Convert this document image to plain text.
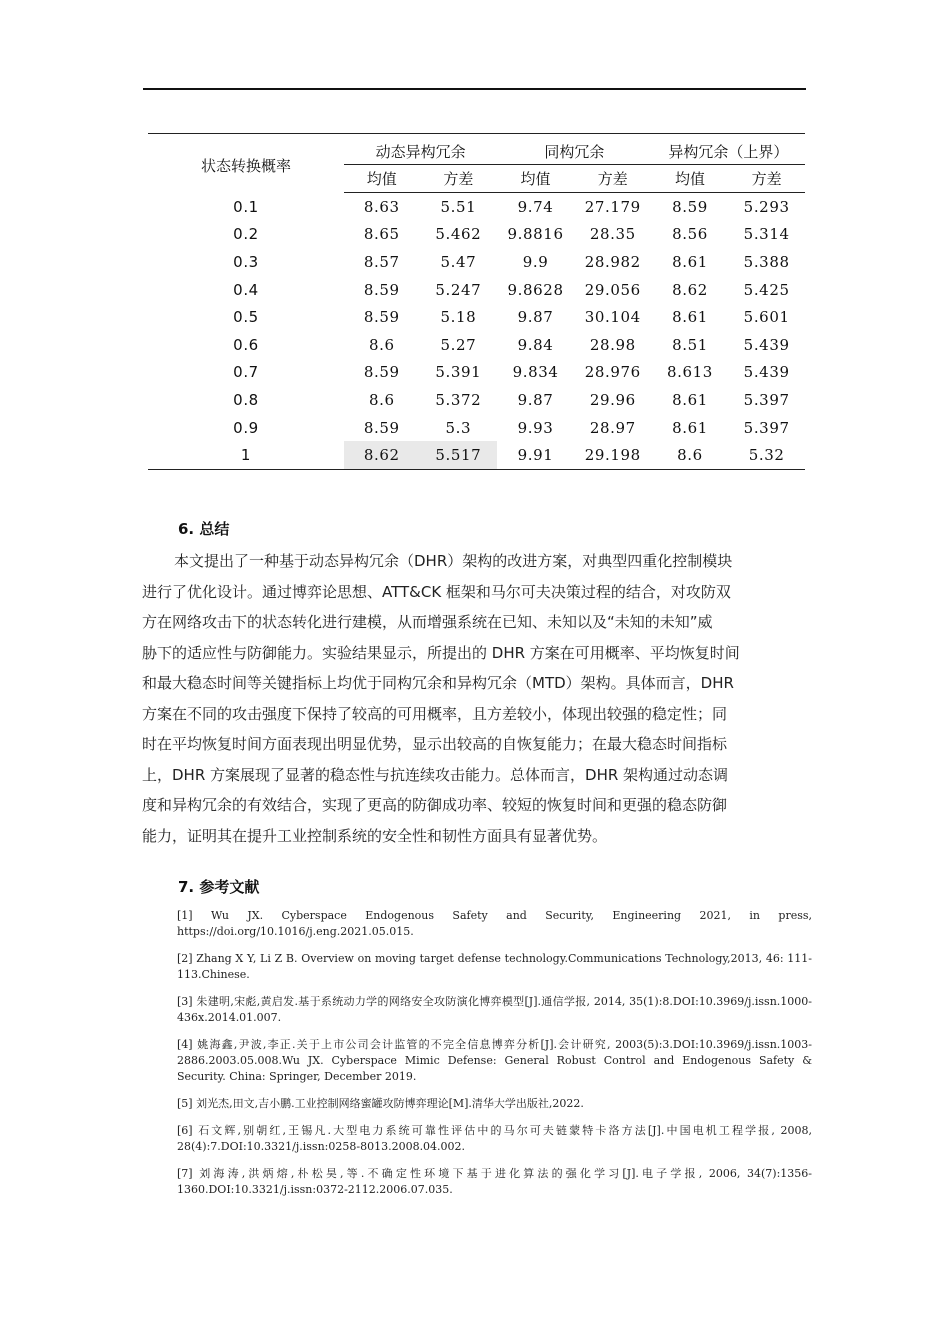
状态转换概率	动态异构冗余		同构冗余		异构冗余（上界）	
	均值	方差	均值	方差	均值	方差
0.1	8.63	5.51	9.74	27.179	8.59	5.293
0.2	8.65	5.462	9.8816	28.35	8.56	5.314
0.3	8.57	5.47	9.9	28.982	8.61	5.388
0.4	8.59	5.247	9.8628	29.056	8.62	5.425
0.5	8.59	5.18	9.87	30.104	8.61	5.601
0.6	8.6	5.27	9.84	28.98	8.51	5.439
0.7	8.59	5.391	9.834	28.976	8.613	5.439
0.8	8.6	5.372	9.87	29.96	8.61	5.397
0.9	8.59	5.3	9.93	28.97	8.61	5.397
1	8.62	5.517	9.91	29.198	8.6	5.32
6. 总结
本文提出了一种基于动态异构冗余（DHR）架构的改进方案，对典型四重化控制模块
进行了优化设计。通过博弈论思想、ATT&CK 框架和马尔可夫决策过程的结合，对攻防双
方在网络攻击下的状态转化进行建模，从而增强系统在已知、未知以及“未知的未知”威
胁下的适应性与防御能力。实验结果显示，所提出的 DHR 方案在可用概率、平均恢复时间
和最大稳态时间等关键指标上均优于同构冗余和异构冗余（MTD）架构。具体而言，DHR
方案在不同的攻击强度下保持了较高的可用概率，且方差较小，体现出较强的稳定性；同
时在平均恢复时间方面表现出明显优势，显示出较高的自恢复能力；在最大稳态时间指标
上，DHR 方案展现了显著的稳态性与抗连续攻击能力。总体而言，DHR 架构通过动态调
度和异构冗余的有效结合，实现了更高的防御成功率、较短的恢复时间和更强的稳态防御
能力，证明其在提升工业控制系统的安全性和韧性方面具有显著优势。
7. 参考文献
[1] Wu JX. Cyberspace Endogenous Safety and Security, Engineering 2021, in press, https://doi.org/10.1016/j.eng.2021.05.015.
[2] Zhang X Y, Li Z B. Overview on moving target defense technology.Communications Technology,2013, 46: 111-113.Chinese.
[3] 朱建明,宋彪,黄启发.基于系统动力学的网络安全攻防演化博弈模型[J].通信学报, 2014, 35(1):8.DOI:10.3969/j.issn.1000-436x.2014.01.007.
[4] 姚海鑫,尹波,李正.关于上市公司会计监管的不完全信息博弈分析[J].会计研究, 2003(5):3.DOI:10.3969/j.issn.1003-2886.2003.05.008.Wu JX. Cyberspace Mimic Defense: General Robust Control and Endogenous Safety & Security. China: Springer, December 2019.
[5] 刘光杰,田文,吉小鹏.工业控制网络蜜罐攻防博弈理论[M].清华大学出版社,2022.
[6] 石文辉,别朝红,王锡凡.大型电力系统可靠性评估中的马尔可夫链蒙特卡洛方法[J].中国电机工程学报, 2008, 28(4):7.DOI:10.3321/j.issn:0258-8013.2008.04.002.
[7] 刘海涛,洪炳熔,朴松昊,等.不确定性环境下基于进化算法的强化学习[J].电子学报, 2006, 34(7):1356-1360.DOI:10.3321/j.issn:0372-2112.2006.07.035.
